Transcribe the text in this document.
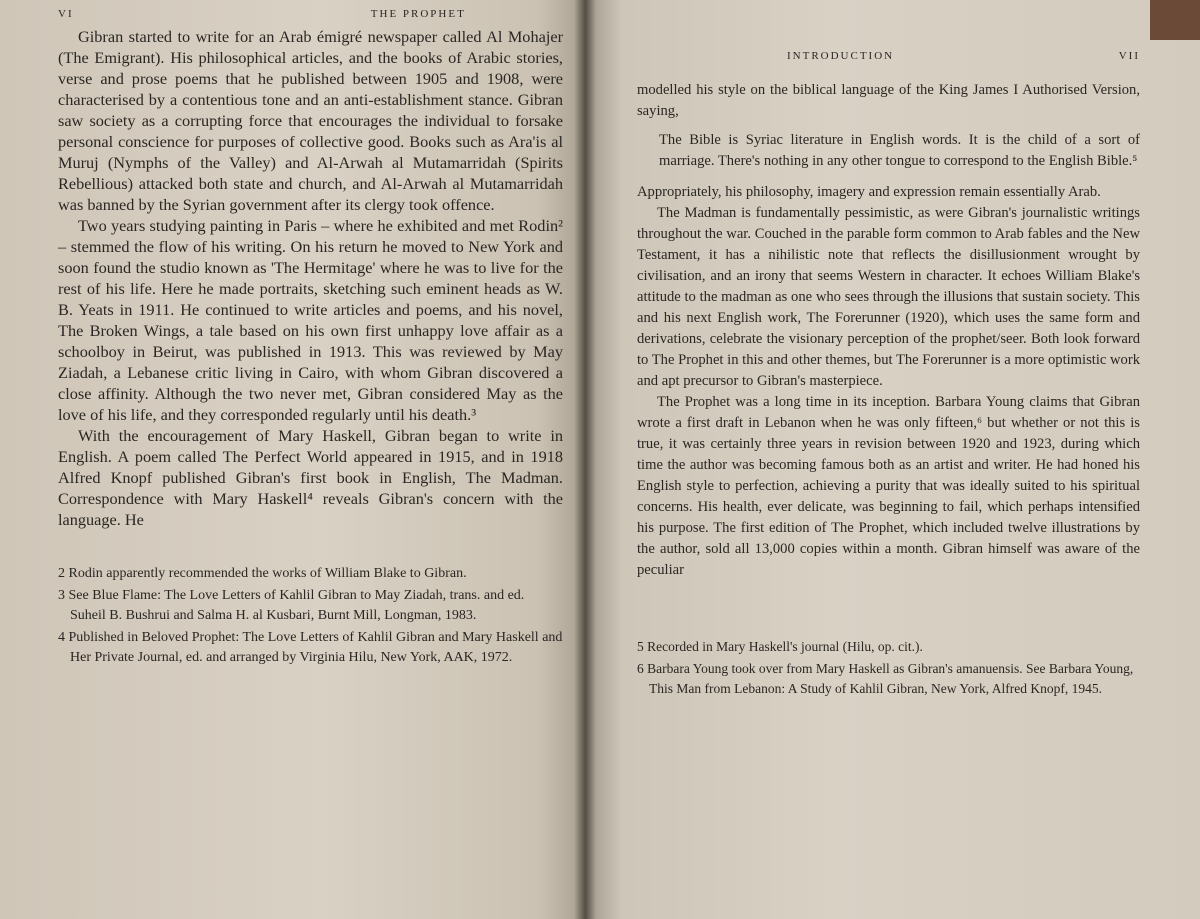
VI	THE PROPHET

Gibran started to write for an Arab émigré newspaper called Al Mohajer (The Emigrant). His philosophical articles, and the books of Arabic stories, verse and prose poems that he published between 1905 and 1908, were characterised by a contentious tone and an anti-establishment stance. Gibran saw society as a corrupting force that encourages the individual to forsake personal conscience for purposes of collective good. Books such as Ara'is al Muruj (Nymphs of the Valley) and Al-Arwah al Mutamarridah (Spirits Rebellious) attacked both state and church, and Al-Arwah al Mutamarridah was banned by the Syrian government after its clergy took offence.

Two years studying painting in Paris – where he exhibited and met Rodin² – stemmed the flow of his writing. On his return he moved to New York and soon found the studio known as 'The Hermitage' where he was to live for the rest of his life. Here he made portraits, sketching such eminent heads as W. B. Yeats in 1911. He continued to write articles and poems, and his novel, The Broken Wings, a tale based on his own first unhappy love affair as a schoolboy in Beirut, was published in 1913. This was reviewed by May Ziadah, a Lebanese critic living in Cairo, with whom Gibran discovered a close affinity. Although the two never met, Gibran considered May as the love of his life, and they corresponded regularly until his death.³

With the encouragement of Mary Haskell, Gibran began to write in English. A poem called The Perfect World appeared in 1915, and in 1918 Alfred Knopf published Gibran's first book in English, The Madman. Correspondence with Mary Haskell⁴ reveals Gibran's concern with the language. He

2 Rodin apparently recommended the works of William Blake to Gibran.

3 See Blue Flame: The Love Letters of Kahlil Gibran to May Ziadah, trans. and ed. Suheil B. Bushrui and Salma H. al Kusbari, Burnt Mill, Longman, 1983.

4 Published in Beloved Prophet: The Love Letters of Kahlil Gibran and Mary Haskell and Her Private Journal, ed. and arranged by Virginia Hilu, New York, AAK, 1972.

INTRODUCTION	VII

modelled his style on the biblical language of the King James I Authorised Version, saying,

The Bible is Syriac literature in English words. It is the child of a sort of marriage. There's nothing in any other tongue to correspond to the English Bible.⁵

Appropriately, his philosophy, imagery and expression remain essentially Arab.

The Madman is fundamentally pessimistic, as were Gibran's journalistic writings throughout the war. Couched in the parable form common to Arab fables and the New Testament, it has a nihilistic note that reflects the disillusionment wrought by civilisation, and an irony that seems Western in character. It echoes William Blake's attitude to the madman as one who sees through the illusions that sustain society. This and his next English work, The Forerunner (1920), which uses the same form and derivations, celebrate the visionary perception of the prophet/seer. Both look forward to The Prophet in this and other themes, but The Forerunner is a more optimistic work and apt precursor to Gibran's masterpiece.

The Prophet was a long time in its inception. Barbara Young claims that Gibran wrote a first draft in Lebanon when he was only fifteen,⁶ but whether or not this is true, it was certainly three years in revision between 1920 and 1923, during which time the author was becoming famous both as an artist and writer. He had honed his English style to perfection, achieving a purity that was ideally suited to his spiritual concerns. His health, ever delicate, was beginning to fail, which perhaps intensified his purpose. The first edition of The Prophet, which included twelve illustrations by the author, sold all 13,000 copies within a month. Gibran himself was aware of the peculiar

5 Recorded in Mary Haskell's journal (Hilu, op. cit.).

6 Barbara Young took over from Mary Haskell as Gibran's amanuensis. See Barbara Young, This Man from Lebanon: A Study of Kahlil Gibran, New York, Alfred Knopf, 1945.
